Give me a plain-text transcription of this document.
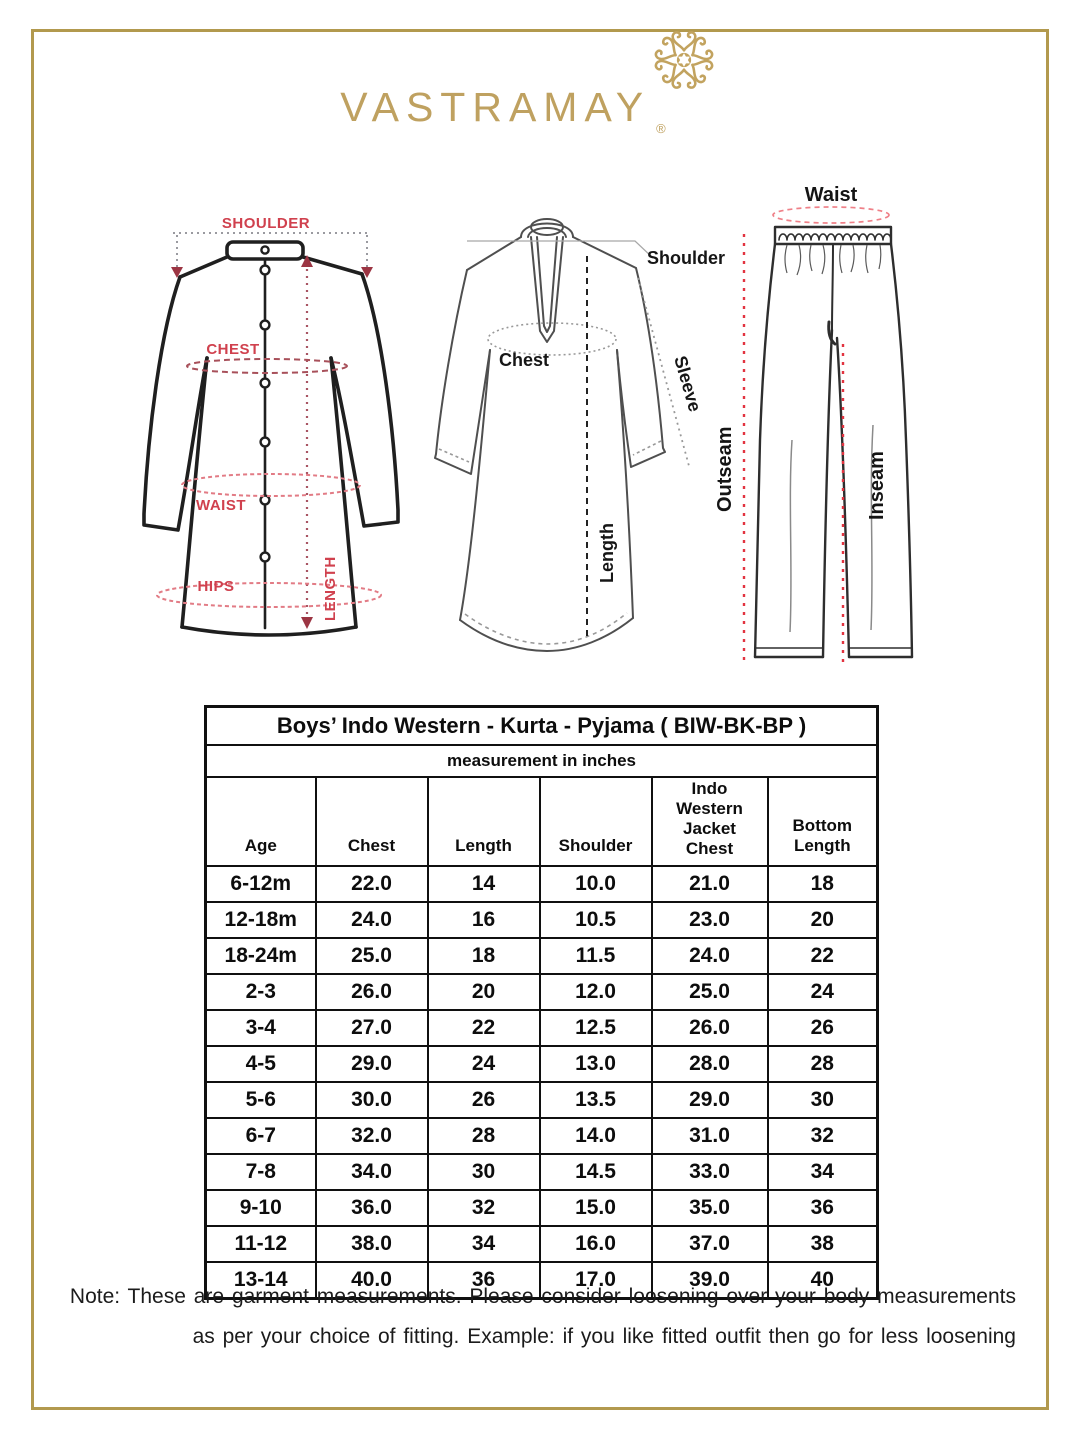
VASTRAMAY $_®$
SHOULDER
CHEST
WAIST
HIPS	LENGTH
Shoulder
Chest	Sleeve
Length
Waist
Outseam	Inseam
Boys’ Indo Western - Kurta - Pyjama ( BIW-BK-BP )					
measurement in inches					
Age	Chest	Length	Shoulder	Indo Western Jacket Chest	Bottom Length
6-12m	22.0	14	10.0	21.0	18
12-18m	24.0	16	10.5	23.0	20
18-24m	25.0	18	11.5	24.0	22
2-3	26.0	20	12.0	25.0	24
3-4	27.0	22	12.5	26.0	26
4-5	29.0	24	13.0	28.0	28
5-6	30.0	26	13.5	29.0	30
6-7	32.0	28	14.0	31.0	32
7-8	34.0	30	14.5	33.0	34
9-10	36.0	32	15.0	35.0	36
11-12	38.0	34	16.0	37.0	38
13-14	40.0	36	17.0	39.0	40
Note: These are garment measurements. Please consider loosening over your body measurements
as per your choice of fitting. Example: if you like fitted outfit then go for less loosening
